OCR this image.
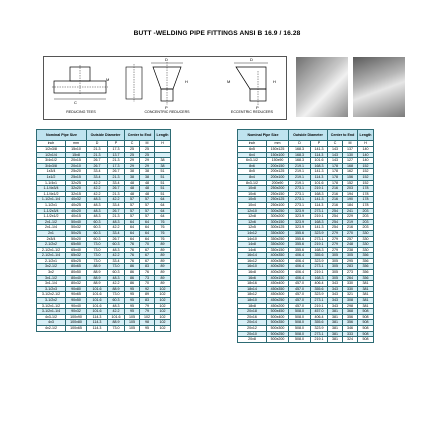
BUTT -WELDING PIPE FITTINGS ANSI B 16.9 / 16.28
C
M
REDUCING TEES
D
H
P
CONCENTRIC REDUCERS
D
H
P
M
ECCENTRIC REDUCERS
Nominal Pipe Size		Outside Diameter		Center to End		Length
inch	mm	D	P	C	M	H
1/2x3/8	15x10	21.3	17.3	25	25	
1/2x1/4	15x8	21.3	13.7	25	25	
3/4x1/2	20x15	26.7	21.3	29	29	38
3/4x3/8	20x10	26.7	17.3	29	29	38
1x3/4	25x20	33.4	26.7	38	38	51
1x1/2	25x15	33.4	21.3	38	38	51
1-1/4x1	32x25	42.2	33.4	48	48	51
1-1/4x3/4	32x20	42.2	26.7	48	48	51
1-1/4x1/2	32x15	42.2	21.3	48	48	51
1-1/2x1-1/4	40x32	48.3	42.2	57	57	64
1-1/2x1	40x25	48.3	33.4	57	57	64
1-1/2x3/4	40x20	48.3	26.7	57	57	64
1-1/2x1/2	40x15	48.3	21.3	57	57	64
2x1-1/2	50x40	60.3	48.3	64	64	76
2x1-1/4	50x32	60.3	42.2	64	64	76
2x1	50x25	60.3	33.4	64	64	76
2x3/4	50x20	60.3	26.7	64	64	76
2-1/2x2	65x50	73.0	60.3	76	70	89
2-1/2x1-1/2	65x40	73.0	48.3	76	67	89
2-1/2x1-1/4	65x32	73.0	42.2	76	67	89
2-1/2x1	65x25	73.0	33.4	76	67	89
3x2-1/2	80x65	88.9	73.0	86	83	89
3x2	80x50	88.9	60.3	86	76	89
3x1-1/2	80x40	88.9	48.3	86	73	89
3x1-1/4	80x32	88.9	42.2	86	70	89
3-1/2x3	90x80	101.6	88.9	95	92	102
3-1/2x2-1/2	90x65	101.6	73.0	95	89	102
3-1/2x2	90x50	101.6	60.3	95	83	102
3-1/2x1-1/2	90x40	101.6	48.3	95	79	102
3-1/2x1-1/4	90x32	101.6	42.2	95	79	102
4x3-1/2	100x90	114.3	101.6	105	102	102
4x3	100x80	114.3	88.9	105	98	102
4x2-1/2	100x65	114.3	73.0	105	95	102
Nominal Pipe Size		Outside Diameter		Center to End		Length
inch	mm	D	P	C	M	H
6x5	150x125	168.3	141.3	143	137	140
6x4	150x100	168.3	114.3	143	130	140
6x3-1/2	150x90	168.3	101.6	143	127	140
8x6	200x150	219.1	168.3	178	168	152
8x5	200x125	219.1	141.3	178	162	152
8x4	200x100	219.1	114.3	178	156	152
8x3-1/2	200x90	219.1	101.6	178	152	152
10x8	250x200	273.1	219.1	216	203	178
10x6	250x150	273.1	168.3	216	194	178
10x5	250x125	273.1	141.3	216	190	178
10x4	250x100	273.1	114.3	216	184	178
12x10	300x250	323.9	273.1	254	241	203
12x8	300x200	323.9	219.1	254	229	203
12x6	300x150	323.9	168.3	254	219	203
12x5	300x125	323.9	141.3	254	216	203
14x12	350x300	355.6	323.9	279	270	330
14x10	350x250	355.6	273.1	279	257	330
14x8	350x200	355.6	219.1	279	248	330
14x6	350x150	355.6	168.3	279	238	330
16x14	400x350	406.4	355.6	305	305	356
16x12	400x300	406.4	323.9	305	295	356
16x10	400x250	406.4	273.1	305	283	356
16x8	400x200	406.4	219.1	305	273	356
16x6	400x150	406.4	168.3	305	264	356
18x16	450x400	457.0	406.4	343	330	381
18x14	450x350	457.0	355.6	343	330	381
18x12	450x300	457.0	323.9	343	321	381
18x10	450x250	457.0	273.1	343	308	381
18x8	450x200	457.0	219.1	343	298	381
20x18	500x450	508.0	457.0	381	368	508
20x16	500x400	508.0	406.4	381	356	508
20x14	500x350	508.0	355.6	381	356	508
20x12	500x300	508.0	323.9	381	346	508
20x10	500x250	508.0	273.1	381	333	508
20x8	500x200	508.0	219.1	381	324	508
